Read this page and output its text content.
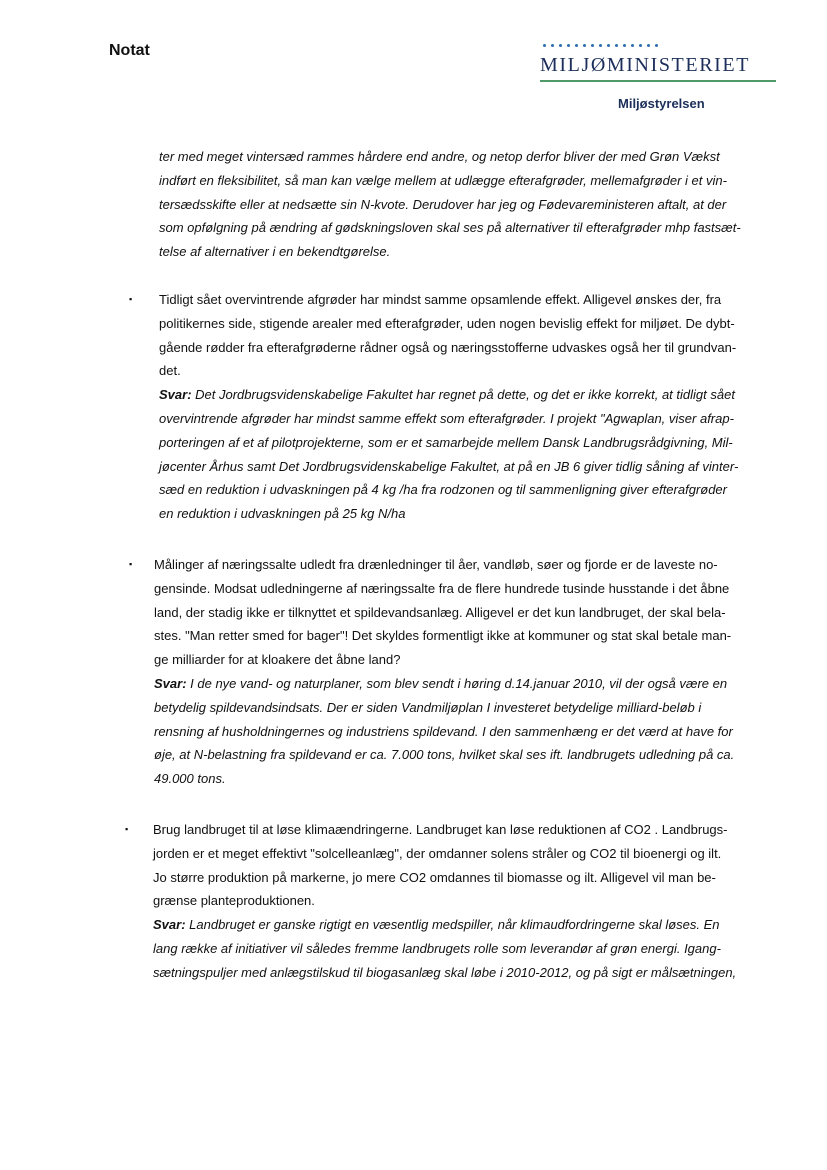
Notat
MILJØMINISTERIET
Miljøstyrelsen
ter med meget vintersæd rammes hårdere end andre, og netop derfor bliver der med Grøn Vækst
indført en fleksibilitet, så man kan vælge mellem at udlægge efterafgrøder, mellemafgrøder i et vin-
tersædsskifte eller at nedsætte sin N-kvote. Derudover har jeg og Fødevareministeren aftalt, at der
som opfølgning på ændring af gødskningsloven skal ses på alternativer til efterafgrøder mhp fastsæt-
telse af alternativer i en bekendtgørelse.
▪ Tidligt sået overvintrende afgrøder har mindst samme opsamlende effekt. Alligevel ønskes der, fra
politikernes side, stigende arealer med efterafgrøder, uden nogen bevislig effekt for miljøet. De dybt-
gående rødder fra efterafgrøderne rådner også og næringsstofferne udvaskes også her til grundvan-
det.
Svar: Det Jordbrugsvidenskabelige Fakultet har regnet på dette, og det er ikke korrekt, at tidligt sået
overvintrende afgrøder har mindst samme effekt som efterafgrøder. I projekt "Agwaplan, viser afrap-
porteringen af et af pilotprojekterne, som er et samarbejde mellem Dansk Landbrugsrådgivning, Mil-
jøcenter Århus samt Det Jordbrugsvidenskabelige Fakultet, at på en JB 6 giver tidlig såning af vinter-
sæd en reduktion i udvaskningen på 4 kg /ha fra rodzonen og til sammenligning giver efterafgrøder
en reduktion i udvaskningen på 25 kg N/ha
▪ Målinger af næringssalte udledt fra drænledninger til åer, vandløb, søer og fjorde er de laveste no-
gensinde. Modsat udledningerne af næringssalte fra de flere hundrede tusinde husstande i det åbne
land, der stadig ikke er tilknyttet et spildevandsanlæg. Alligevel er det kun landbruget, der skal bela-
stes. "Man retter smed for bager"! Det skyldes formentligt ikke at kommuner og stat skal betale man-
ge milliarder for at kloakere det åbne land?
Svar: I de nye vand- og naturplaner, som blev sendt i høring d.14.januar 2010, vil der også være en
betydelig spildevandsindsats. Der er siden Vandmiljøplan I investeret betydelige milliard-beløb i
rensning af husholdningernes og industriens spildevand. I den sammenhæng er det værd at have for
øje, at N-belastning fra spildevand er ca. 7.000 tons, hvilket skal ses ift. landbrugets udledning på ca.
49.000 tons.
▪ Brug landbruget til at løse klimaændringerne. Landbruget kan løse reduktionen af CO2 . Landbrugs-
jorden er et meget effektivt "solcelleanlæg", der omdanner solens stråler og CO2 til bioenergi og ilt.
Jo større produktion på markerne, jo mere CO2 omdannes til biomasse og ilt. Alligevel vil man be-
grænse planteproduktionen.
Svar: Landbruget er ganske rigtigt en væsentlig medspiller, når klimaudfordringerne skal løses. En
lang række af initiativer vil således fremme landbrugets rolle som leverandør af grøn energi. Igang-
sætningspuljer med anlægstilskud til biogasanlæg skal løbe i 2010-2012, og på sigt er målsætningen,
